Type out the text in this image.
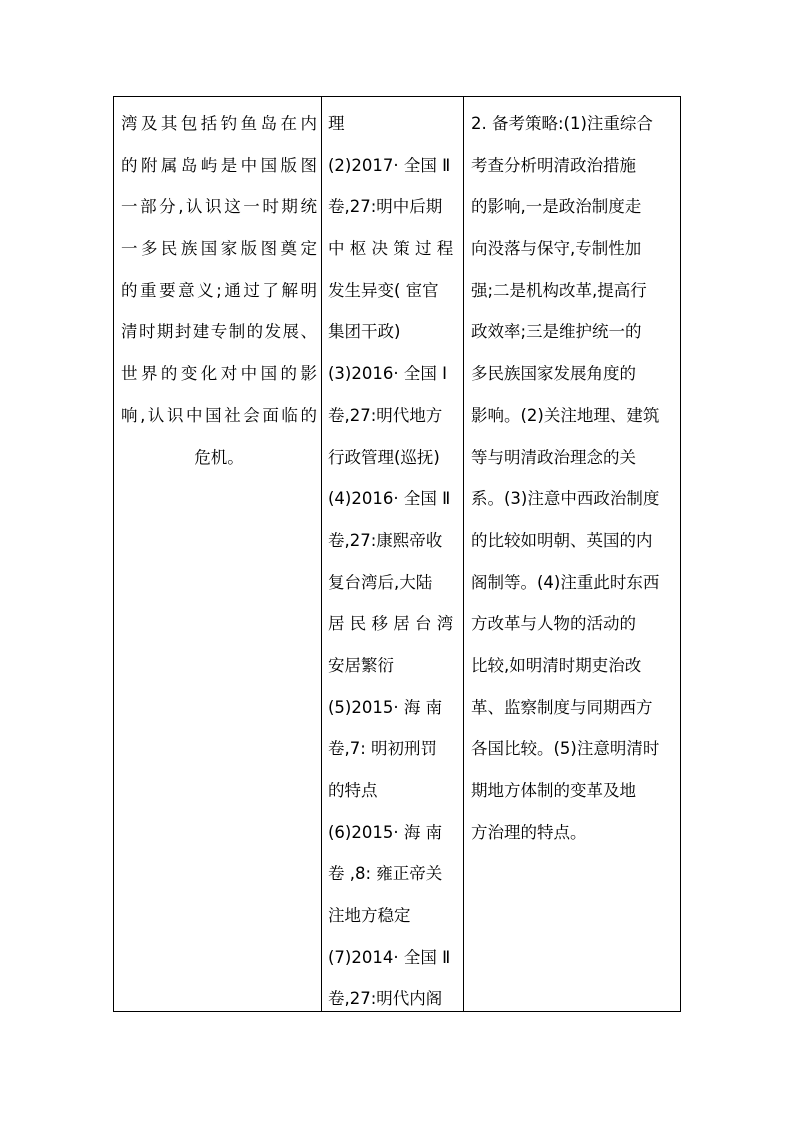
湾及其包括钓鱼岛在内
的附属岛屿是中国版图
一部分,认识这一时期统
一多民族国家版图奠定
的重要意义;通过了解明
清时期封建专制的发展、
世界的变化对中国的影
响,认识中国社会面临的
危机。
理
(2)2017· 全国 Ⅱ
卷,27:明中后期
中 枢 决 策 过 程
发生异变( 宦官
集团干政)
(3)2016· 全国 Ⅰ
卷,27:明代地方
行政管理(巡抚)
(4)2016· 全国 Ⅱ
卷,27:康熙帝收
复台湾后,大陆
居 民 移 居 台 湾
安居繁衍
(5)2015· 海 南
卷,7: 明初刑罚
的特点
(6)2015· 海 南
卷 ,8: 雍正帝关
注地方稳定
(7)2014· 全国 Ⅱ
卷,27:明代内阁
2. 备考策略:(1)注重综合
考查分析明清政治措施
的影响,一是政治制度走
向没落与保守,专制性加
强;二是机构改革,提高行
政效率;三是维护统一的
多民族国家发展角度的
影响。(2)关注地理、建筑
等与明清政治理念的关
系。(3)注意中西政治制度
的比较如明朝、英国的内
阁制等。(4)注重此时东西
方改革与人物的活动的
比较,如明清时期吏治改
革、监察制度与同期西方
各国比较。(5)注意明清时
期地方体制的变革及地
方治理的特点。
